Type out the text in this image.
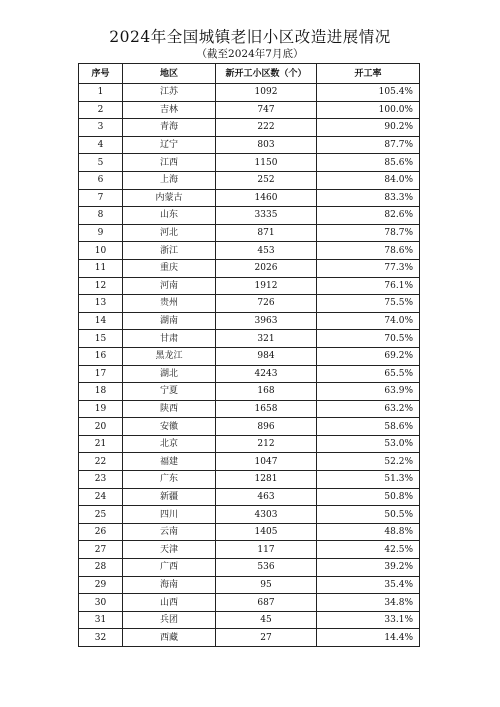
2024年全国城镇老旧小区改造进展情况
（截至2024年7月底）
序号	地区	新开工小区数（个）	开工率
1	江苏	1092	105.4%
2	吉林	747	100.0%
3	青海	222	90.2%
4	辽宁	803	87.7%
5	江西	1150	85.6%
6	上海	252	84.0%
7	内蒙古	1460	83.3%
8	山东	3335	82.6%
9	河北	871	78.7%
10	浙江	453	78.6%
11	重庆	2026	77.3%
12	河南	1912	76.1%
13	贵州	726	75.5%
14	湖南	3963	74.0%
15	甘肃	321	70.5%
16	黑龙江	984	69.2%
17	湖北	4243	65.5%
18	宁夏	168	63.9%
19	陕西	1658	63.2%
20	安徽	896	58.6%
21	北京	212	53.0%
22	福建	1047	52.2%
23	广东	1281	51.3%
24	新疆	463	50.8%
25	四川	4303	50.5%
26	云南	1405	48.8%
27	天津	117	42.5%
28	广西	536	39.2%
29	海南	95	35.4%
30	山西	687	34.8%
31	兵团	45	33.1%
32	西藏	27	14.4%
